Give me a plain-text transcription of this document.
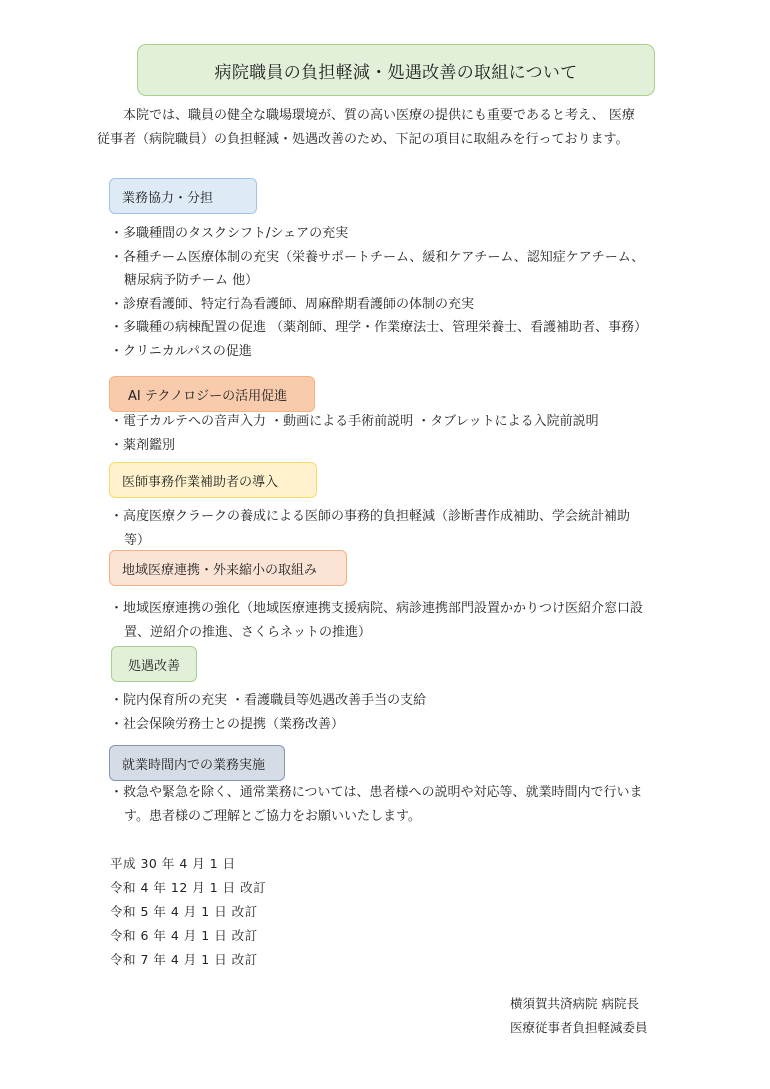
病院職員の負担軽減・処遇改善の取組について
本院では、職員の健全な職場環境が、質の高い医療の提供にも重要であると考え、 医療
従事者（病院職員）の負担軽減・処遇改善のため、下記の項目に取組みを行っております。
業務協力・分担
・多職種間のタスクシフト/シェアの充実
・各種チーム医療体制の充実（栄養サポートチーム、緩和ケアチーム、認知症ケアチーム、
糖尿病予防チーム 他）
・診療看護師、特定行為看護師、周麻酔期看護師の体制の充実
・多職種の病棟配置の促進 （薬剤師、理学・作業療法士、管理栄養士、看護補助者、事務）
・クリニカルパスの促進
AI テクノロジーの活用促進
・電子カルテへの音声入力 ・動画による手術前説明 ・タブレットによる入院前説明
・薬剤鑑別
医師事務作業補助者の導入
・高度医療クラークの養成による医師の事務的負担軽減（診断書作成補助、学会統計補助
等）
地域医療連携・外来縮小の取組み
・地域医療連携の強化（地域医療連携支援病院、病診連携部門設置かかりつけ医紹介窓口設
置、逆紹介の推進、さくらネットの推進）
処遇改善
・院内保育所の充実 ・看護職員等処遇改善手当の支給
・社会保険労務士との提携（業務改善）
就業時間内での業務実施
・救急や緊急を除く、通常業務については、患者様への説明や対応等、就業時間内で行いま
す。患者様のご理解とご協力をお願いいたします。
平成 30 年 4 月 1 日
令和 4 年 12 月 1 日 改訂
令和 5 年 4 月 1 日 改訂
令和 6 年 4 月 1 日 改訂
令和 7 年 4 月 1 日 改訂
横須賀共済病院 病院長
医療従事者負担軽減委員
